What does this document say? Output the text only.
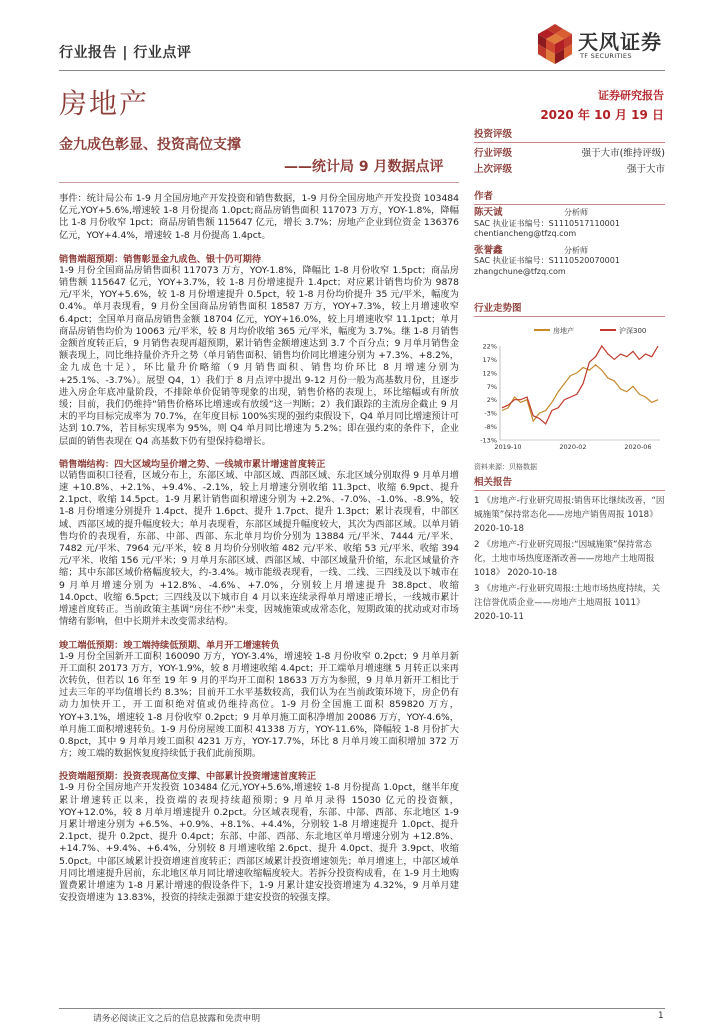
行业报告 | 行业点评	天风证券
TF SECURITIES
房地产	证券研究报告
2020 年 10 月 19 日
金九成色彰显、投资高位支撑
——统计局 9 月数据点评

事件：统计局公布 1-9 月全国房地产开发投资和销售数据，1-9 月份全国房地产开发投资 103484 亿元,YOY+5.6%,增速较 1-8 月份提高 1.0pct;商品房销售面积 117073 万方，YOY-1.8%，降幅比 1-8 月份收窄 1pct；商品房销售额 115647 亿元，增长 3.7%；房地产企业到位资金 136376 亿元，YOY+4.4%，增速较 1-8 月份提高 1.4pct。

销售端超预期：销售彰显金九成色、银十仍可期待

1-9 月份全国商品房销售面积 117073 万方，YOY-1.8%，降幅比 1-8 月份收窄 1.5pct；商品房销售额 115647 亿元，YOY+3.7%，较 1-8 月份增速提升 1.4pct；对应累计销售均价为 9878 元/平米，YOY+5.6%，较 1-8 月份增速提升 0.5pct，较 1-8 月份均价提升 35 元/平米，幅度为 0.4%。单月表现看，9 月份全国商品房销售面积 18587 万方，YOY+7.3%，较上月增速收窄 6.4pct；全国单月商品房销售金额 18704 亿元，YOY+16.0%，较上月增速收窄 11.1pct；单月商品房销售均价为 10063 元/平米，较 8 月均价收缩 365 元/平米，幅度为 3.7%。继 1-8 月销售金额首度转正后，9 月销售表现再超预期，累计销售金额增速达到 3.7 个百分点；9 月单月销售金额表现上，同比维持量价齐升之势（单月销售面积、销售均价同比增速分别为 +7.3%、+8.2%，金九成色十足），环比量升价略缩（9 月销售面积、销售均价环比 8 月增速分别为 +25.1%、-3.7%）。展望 Q4，1）我们于 8 月点评中提出 9-12 月份一般为高基数月份，且逐步进入房企年底冲量阶段，不排除单价促销等现象的出现，销售价格的表现上，环比缩幅或有所放缓；目前，我们仍维持“销售价格环比增速或有放缓”这一判断；2）我们跟踪的主流房企截止 9 月末的平均目标完成率为 70.7%，在年度目标 100%实现的强约束假设下，Q4 单月同比增速预计可达到 10.7%，若目标实现率为 95%，则 Q4 单月同比增速为 5.2%；即在强约束的条件下，企业层面的销售表现在 Q4 高基数下仍有望保持稳增长。

销售端结构：四大区域均呈价增之势、一线城市累计增速首度转正

以销售面积口径看，区域分布上，东部区域、中部区域、西部区域、东北区域分别取得 9 月单月增速 +10.8%、+2.1%、+9.4%、-2.1%，较上月增速分别收缩 11.3pct、收缩 6.9pct、提升 2.1pct、收缩 14.5pct。1-9 月累计销售面积增速分别为 +2.2%、-7.0%、-1.0%、-8.9%，较 1-8 月份增速分别提升 1.4pct、提升 1.6pct、提升 1.7pct、提升 1.3pct；累计表现看，中部区域、西部区域的提升幅度较大；单月表现看，东部区域提升幅度较大，其次为西部区域。以单月销售均价的表现看，东部、中部、西部、东北单月均价分别为 13884 元/平米、7444 元/平米、7482 元/平米、7964 元/平米，较 8 月均价分别收缩 482 元/平米、收缩 53 元/平米、收缩 394 元/平米、收缩 156 元/平米；9 月单月东部区域、西部区域、中部区域量升价缩，东北区域量价齐缩；其中东部区域价格幅度较大，约-3.4%。城市能级表现看，一线、二线、三四线及以下城市在 9 月单月增速分别为 +12.8%、-4.6%、+7.0%，分别较上月增速提升 38.8pct、收缩 14.0pct、收缩 6.5pct；三四线及以下城市自 4 月以来连续录得单月增速正增长，一线城市累计增速首度转正。当前政策主基调“房住不炒”未变，因城施策或成常态化，短期政策的扰动或对市场情绪有影响，但中长期并未改变需求结构。

竣工端低预期：竣工端持续低预期、单月开工增速转负

1-9 月份全国新开工面积 160090 万方，YOY-3.4%，增速较 1-8 月份收窄 0.2pct；9 月单月新开工面积 20173 万方，YOY-1.9%，较 8 月增速收缩 4.4pct；开工端单月增速继 5 月转正以来再次转负，但若以 16 年至 19 年 9 月的平均开工面积 18633 万方为参照，9 月单月新开工相比于过去三年的平均值增长约 8.3%；目前开工水平基数较高，我们认为在当前政策环境下，房企仍有动力加快开工，开工面积绝对值或仍维持高位。1-9 月份全国施工面积 859820 万方，YOY+3.1%，增速较 1-8 月份收窄 0.2pct；9 月单月施工面积净增加 20086 万方，YOY-4.6%，单月施工面积增速转负。1-9 月份房屋竣工面积 41338 万方，YOY-11.6%，降幅较 1-8 月份扩大 0.8pct，其中 9 月单月竣工面积 4231 万方，YOY-17.7%，环比 8 月单月竣工面积增加 372 万方；竣工端的数据恢复度持续低于我们此前预期。

投资端超预期：投资表现高位支撑、中部累计投资增速首度转正

1-9 月份全国房地产开发投资 103484 亿元,YOY+5.6%,增速较 1-8 月份提高 1.0pct，继半年度累计增速转正以来，投资端的表现持续超预期；9 月单月录得 15030 亿元的投资额，YOY+12.0%，较 8 月单月增速提升 0.2pct。分区域表现看，东部、中部、西部、东北地区 1-9 月累计增速分别为 +6.5%、+0.9%、+8.1%、+4.4%，分别较 1-8 月增速提升 1.0pct、提升 2.1pct、提升 0.2pct、提升 0.4pct；东部、中部、西部、东北地区单月增速分别为 +12.8%、+14.7%、+9.4%、+6.4%，分别较 8 月增速收缩 2.6pct、提升 4.0pct、提升 3.9pct、收缩 5.0pct。中部区域累计投资增速首度转正；西部区域累计投资增速领先；单月增速上，中部区域单月同比增速提升居前，东北地区单月同比增速收缩幅度较大。若拆分投资构成看，在 1-9 月土地购置费累计增速为 1-8 月累计增速的假设条件下，1-9 月累计建安投资增速为 4.32%，9 月单月建安投资增速为 13.83%，投资的持续走强源于建安投资的较强支撑。

投资评级
行业评级	强于大市(维持评级)
上次评级	强于大市
作者
陈天诚	分析师
SAC 执业证书编号：S1110517110001
chentiancheng@tfzq.com
张誉鑫	分析师
SAC 执业证书编号：S1110520070001
zhangchune@tfzq.com
行业走势图
房地产	沪深300
22%
17%
12%
7%
2%
-3%
-8%
-13%
2019-10	2020-02	2020-06
资料来源：贝格数据
相关报告
1 《房地产-行业研究周报:销售环比继续改善，“因城施策”保持常态化——房地产销售周报 1018》 2020-10-18
2 《房地产-行业研究周报:“因城施策”保持常态化，土地市场热度逐渐改善——房地产土地周报 1018》 2020-10-18
3 《房地产-行业研究周报:土地市场热度持续，关注信誉优质企业——房地产土地周报 1011》 2020-10-11
请务必阅读正文之后的信息披露和免责申明	1
